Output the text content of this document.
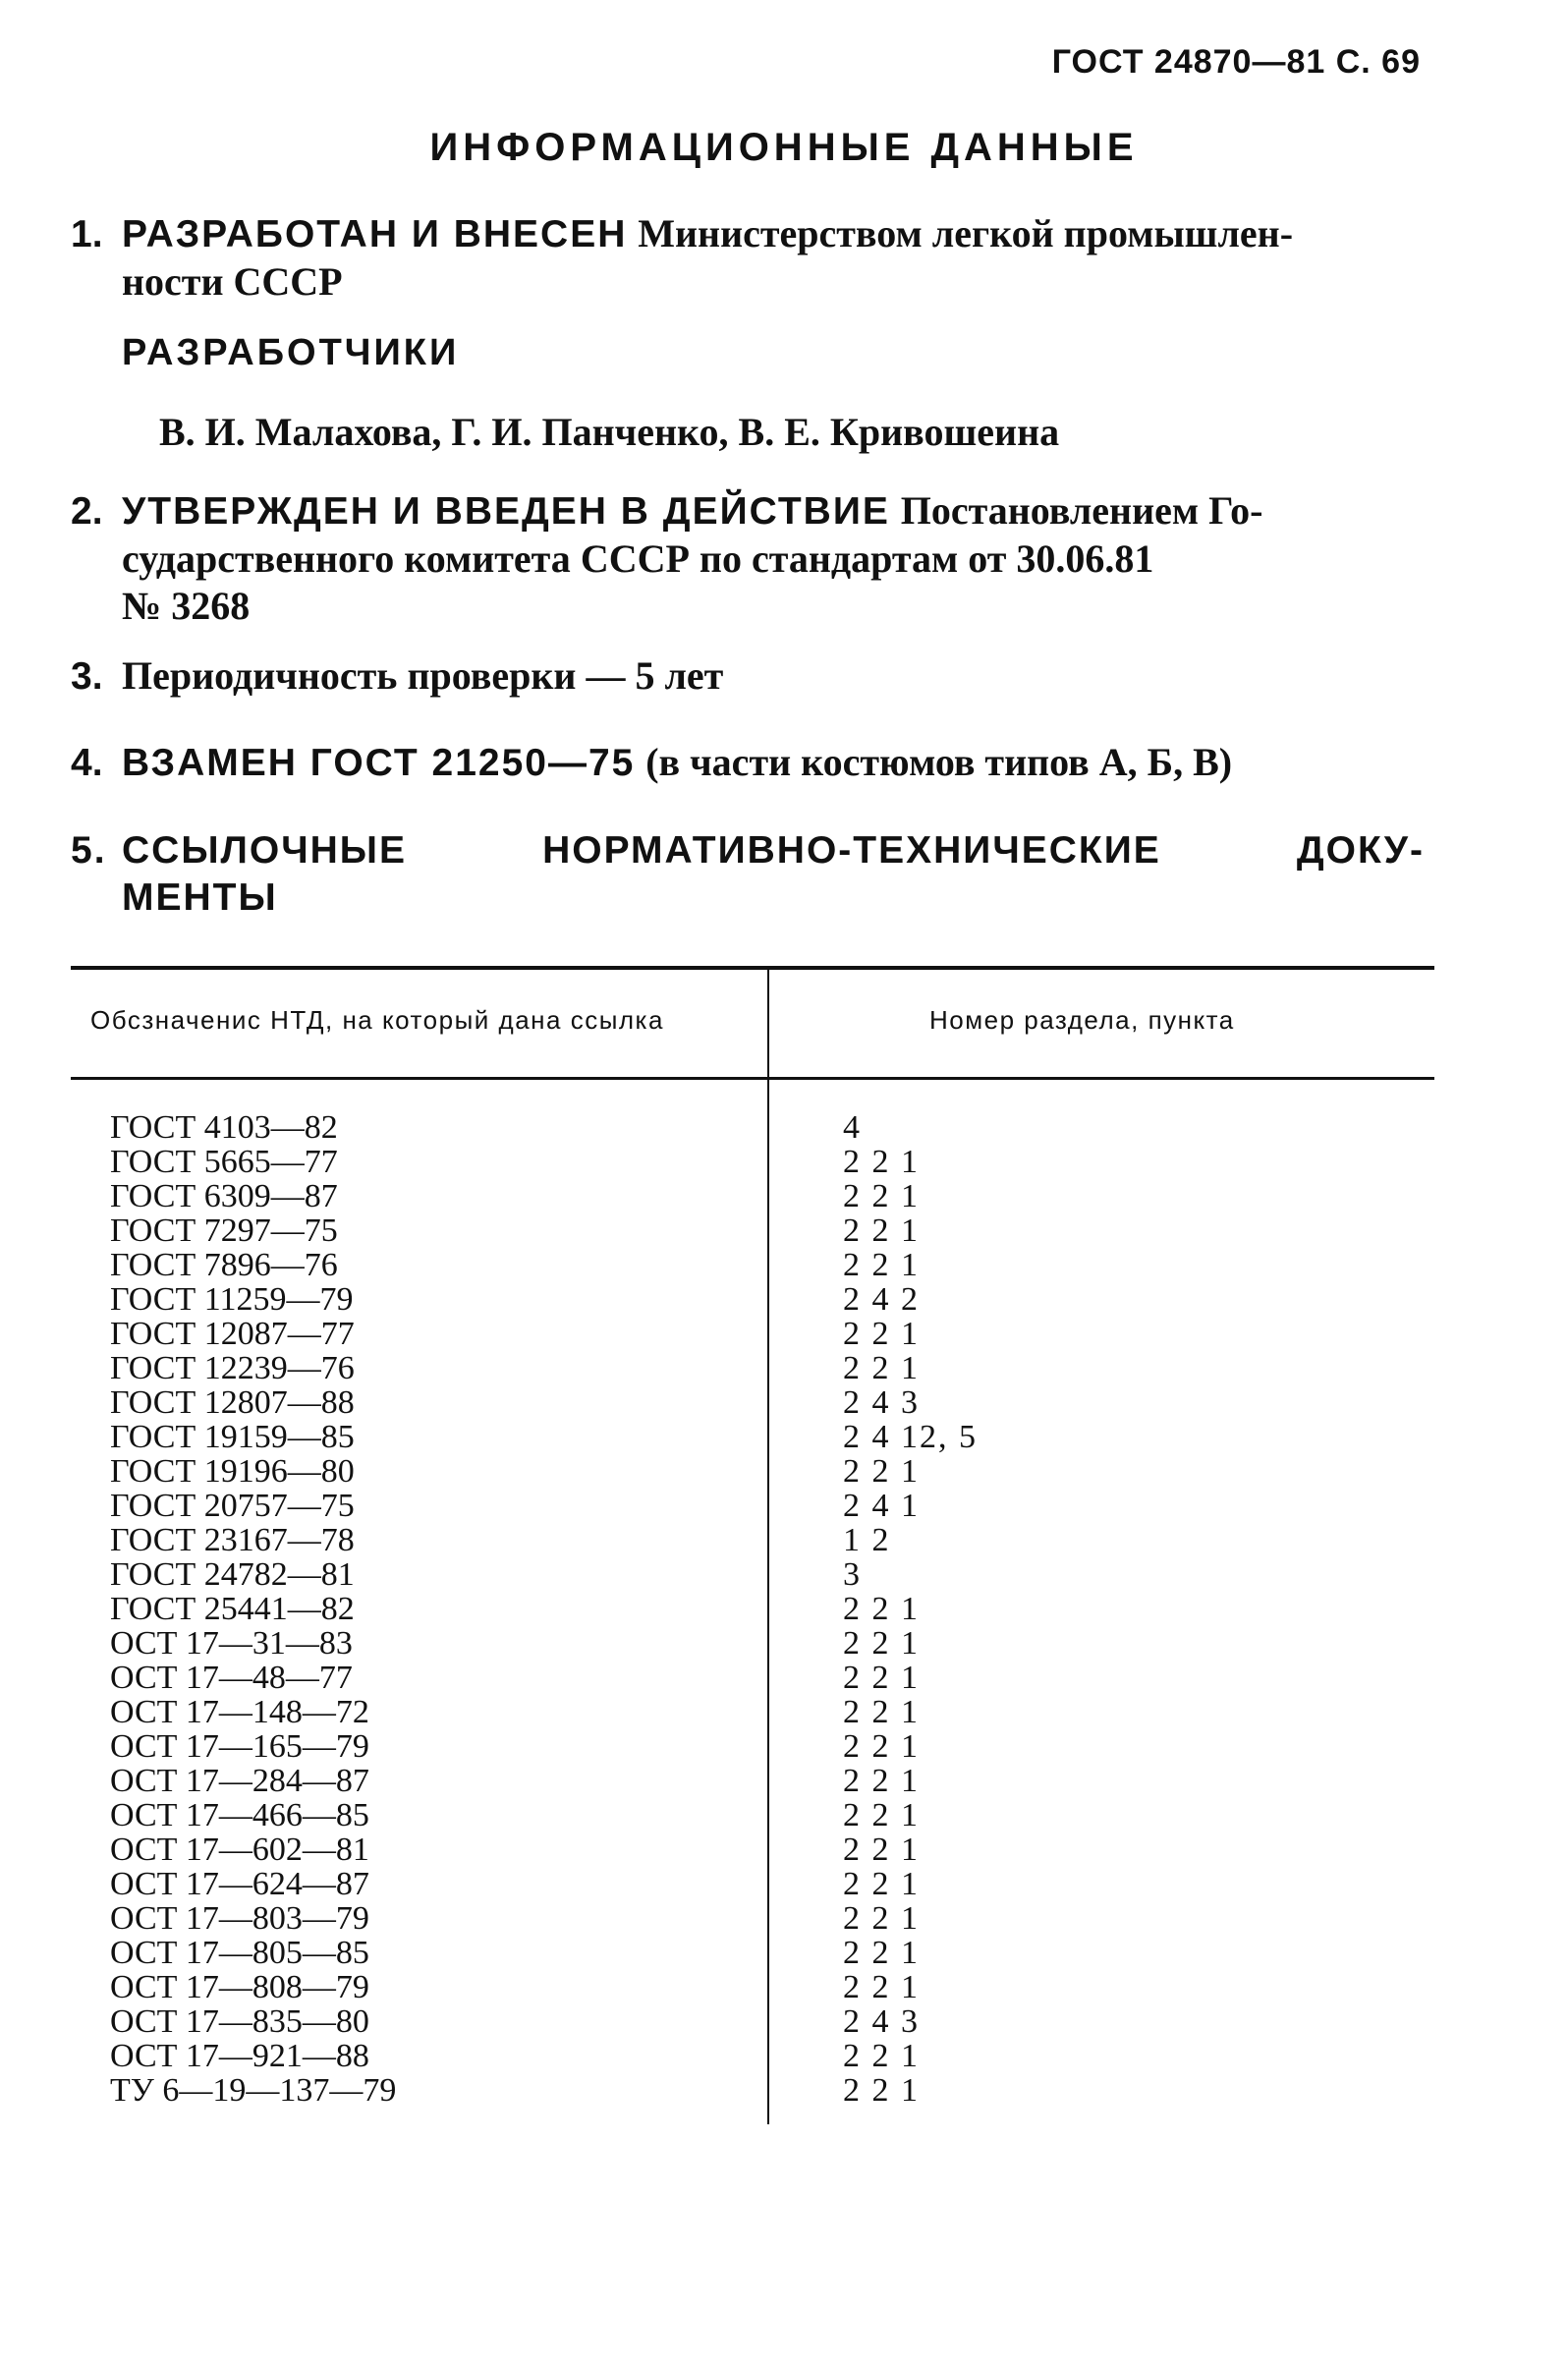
ГОСТ 24870—81 С. 69
ИНФОРМАЦИОННЫЕ ДАННЫЕ
1. РАЗРАБОТАН И ВНЕСЕН Министерством легкой промышлен-
ности СССР
РАЗРАБОТЧИКИ
В. И. Малахова, Г. И. Панченко, В. Е. Кривошеина
2. УТВЕРЖДЕН И ВВЕДЕН В ДЕЙСТВИЕ Постановлением Го-
сударственного комитета СССР по стандартам от 30.06.81
№ 3268
3. Периодичность проверки — 5 лет
4. ВЗАМЕН ГОСТ 21250—75 (в части костюмов типов А, Б, В)
5. ССЫЛОЧНЫЕ	НОРМАТИВНО-ТЕХНИЧЕСКИЕ	ДОКУ-
МЕНТЫ
Обсзначенис НТД, на который дана ссылка	Номер раздела, пункта
ГОСТ 4103—82	4
ГОСТ 5665—77	2 2 1
ГОСТ 6309—87	2 2 1
ГОСТ 7297—75	2 2 1
ГОСТ 7896—76	2 2 1
ГОСТ 11259—79	2 4 2
ГОСТ 12087—77	2 2 1
ГОСТ 12239—76	2 2 1
ГОСТ 12807—88	2 4 3
ГОСТ 19159—85	2 4 12, 5
ГОСТ 19196—80	2 2 1
ГОСТ 20757—75	2 4 1
ГОСТ 23167—78	1 2
ГОСТ 24782—81	3
ГОСТ 25441—82	2 2 1
ОСТ 17—31—83	2 2 1
ОСТ 17—48—77	2 2 1
ОСТ 17—148—72	2 2 1
ОСТ 17—165—79	2 2 1
ОСТ 17—284—87	2 2 1
ОСТ 17—466—85	2 2 1
ОСТ 17—602—81	2 2 1
ОСТ 17—624—87	2 2 1
ОСТ 17—803—79	2 2 1
ОСТ 17—805—85	2 2 1
ОСТ 17—808—79	2 2 1
ОСТ 17—835—80	2 4 3
ОСТ 17—921—88	2 2 1
ТУ 6—19—137—79	2 2 1
